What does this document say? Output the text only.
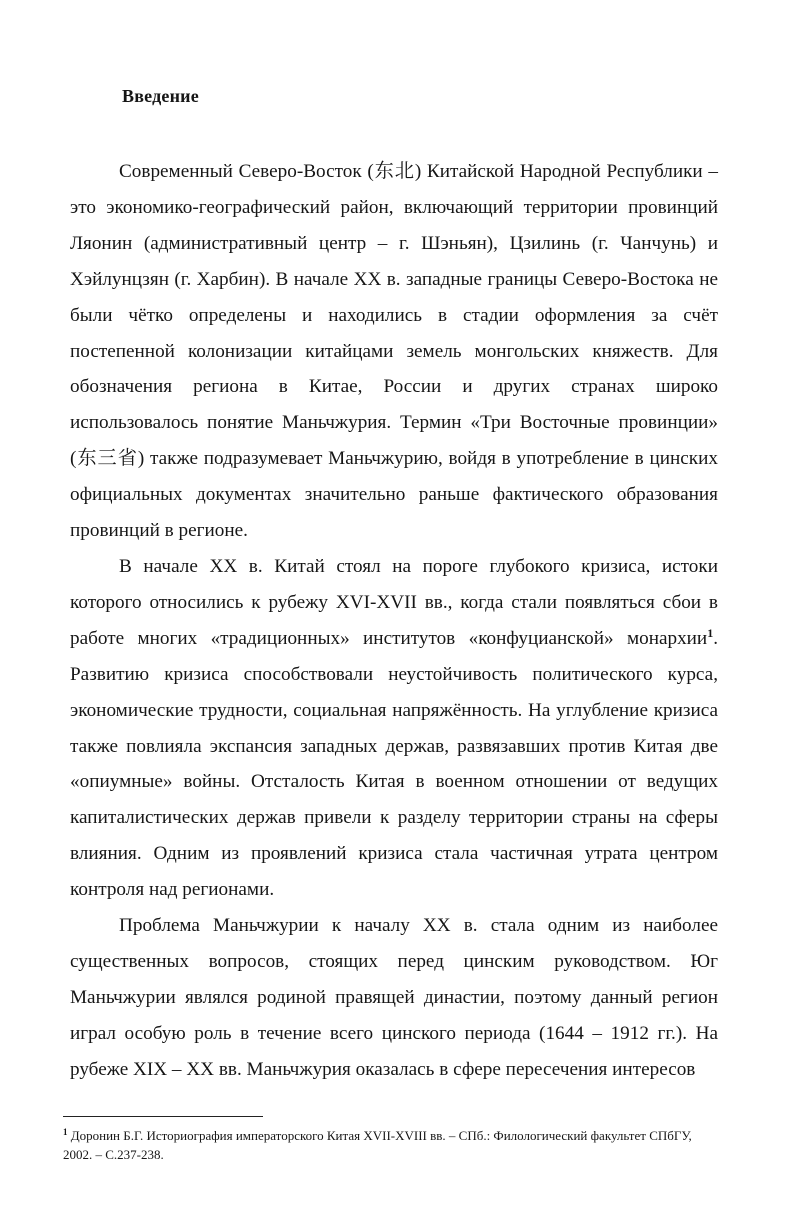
Введение

Современный Северо-Восток (东北) Китайской Народной Республики – это экономико-географический район, включающий территории провинций Ляонин (административный центр – г. Шэньян), Цзилинь (г. Чанчунь) и Хэйлунцзян (г. Харбин). В начале XX в. западные границы Северо-Востока не были чётко определены и находились в стадии оформления за счёт постепенной колонизации китайцами земель монгольских княжеств. Для обозначения региона в Китае, России и других странах широко использовалось понятие Маньчжурия. Термин «Три Восточные провинции» (东三省) также подразумевает Маньчжурию, войдя в употребление в цинских официальных документах значительно раньше фактического образования провинций в регионе.

В начале XX в. Китай стоял на пороге глубокого кризиса, истоки которого относились к рубежу XVI-XVII вв., когда стали появляться сбои в работе многих «традиционных» институтов «конфуцианской» монархии$^1$. Развитию кризиса способствовали неустойчивость политического курса, экономические трудности, социальная напряжённость. На углубление кризиса также повлияла экспансия западных держав, развязавших против Китая две «опиумные» войны. Отсталость Китая в военном отношении от ведущих капиталистических держав привели к разделу территории страны на сферы влияния. Одним из проявлений кризиса стала частичная утрата центром контроля над регионами.

Проблема Маньчжурии к началу XX в. стала одним из наиболее существенных вопросов, стоящих перед цинским руководством. Юг Маньчжурии являлся родиной правящей династии, поэтому данный регион играл особую роль в течение всего цинского периода (1644 – 1912 гг.). На рубеже XIX – XX вв. Маньчжурия оказалась в сфере пересечения интересов

$^1$ Доронин Б.Г. Историография императорского Китая XVII-XVIII вв. – СПб.: Филологический факультет СПбГУ, 2002. – С.237-238.
